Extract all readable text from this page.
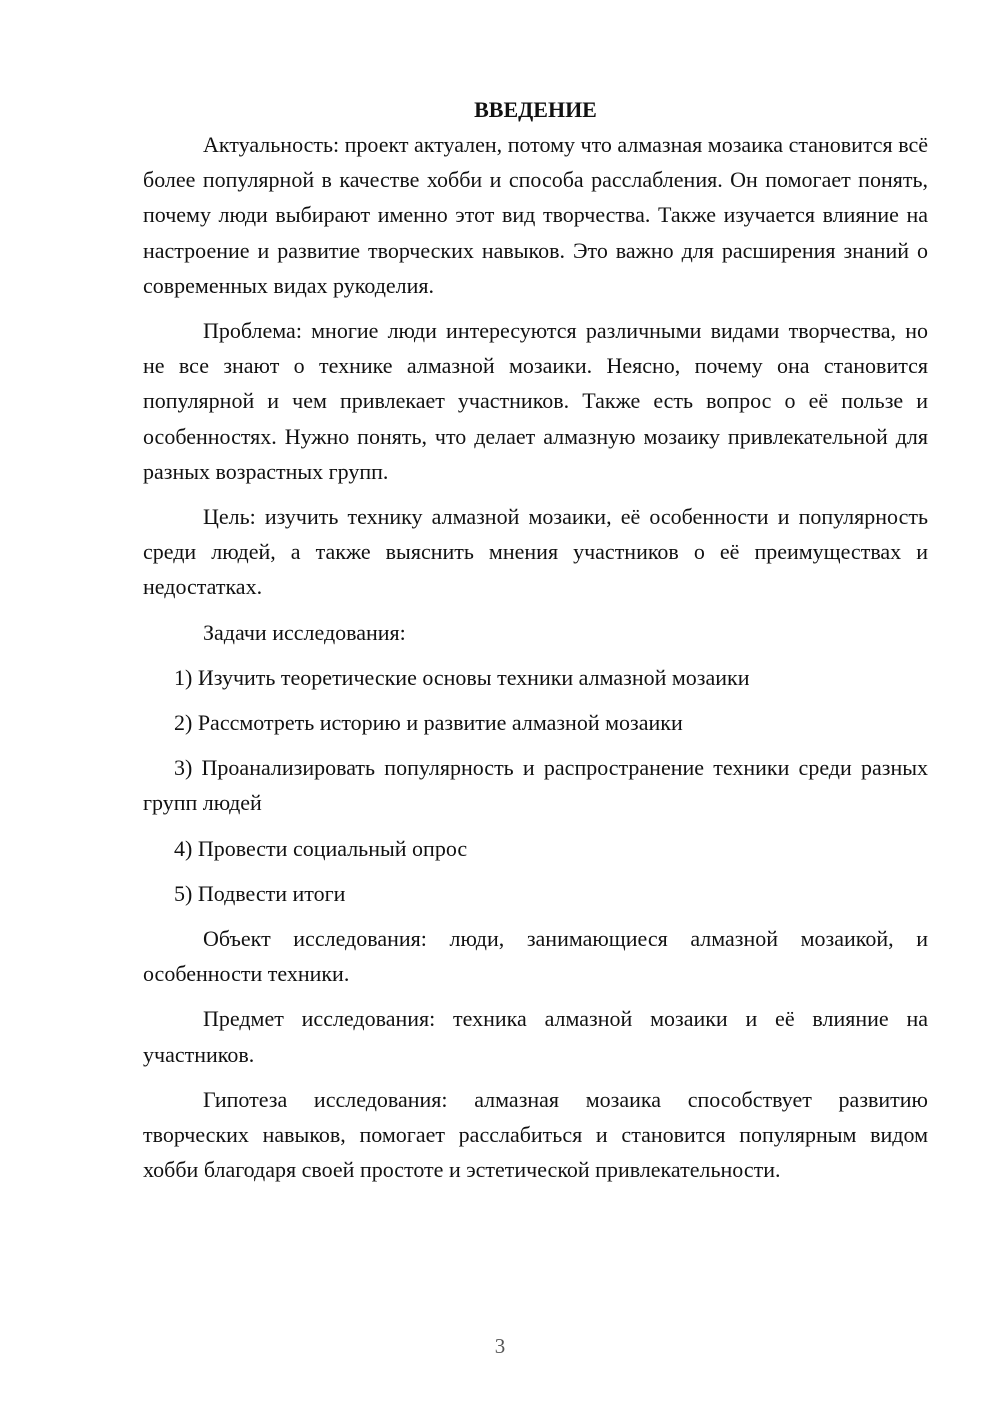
ВВЕДЕНИЕ

Актуальность: проект актуален, потому что алмазная мозаика становится всё более популярной в качестве хобби и способа расслабления. Он помогает понять, почему люди выбирают именно этот вид творчества. Также изучается влияние на настроение и развитие творческих навыков. Это важно для расширения знаний о современных видах рукоделия.

Проблема: многие люди интересуются различными видами творчества, но не все знают о технике алмазной мозаики. Неясно, почему она становится популярной и чем привлекает участников. Также есть вопрос о её пользе и особенностях. Нужно понять, что делает алмазную мозаику привлекательной для разных возрастных групп.

Цель: изучить технику алмазной мозаики, её особенности и популярность среди людей, а также выяснить мнения участников о её преимуществах и недостатках.

Задачи исследования:

1) Изучить теоретические основы техники алмазной мозаики

2) Рассмотреть историю и развитие алмазной мозаики

3) Проанализировать популярность и распространение техники среди разных групп людей

4) Провести социальный опрос

5) Подвести итоги

Объект исследования: люди, занимающиеся алмазной мозаикой, и особенности техники.

Предмет исследования: техника алмазной мозаики и её влияние на участников.

Гипотеза исследования: алмазная мозаика способствует развитию творческих навыков, помогает расслабиться и становится популярным видом хобби благодаря своей простоте и эстетической привлекательности.

3
